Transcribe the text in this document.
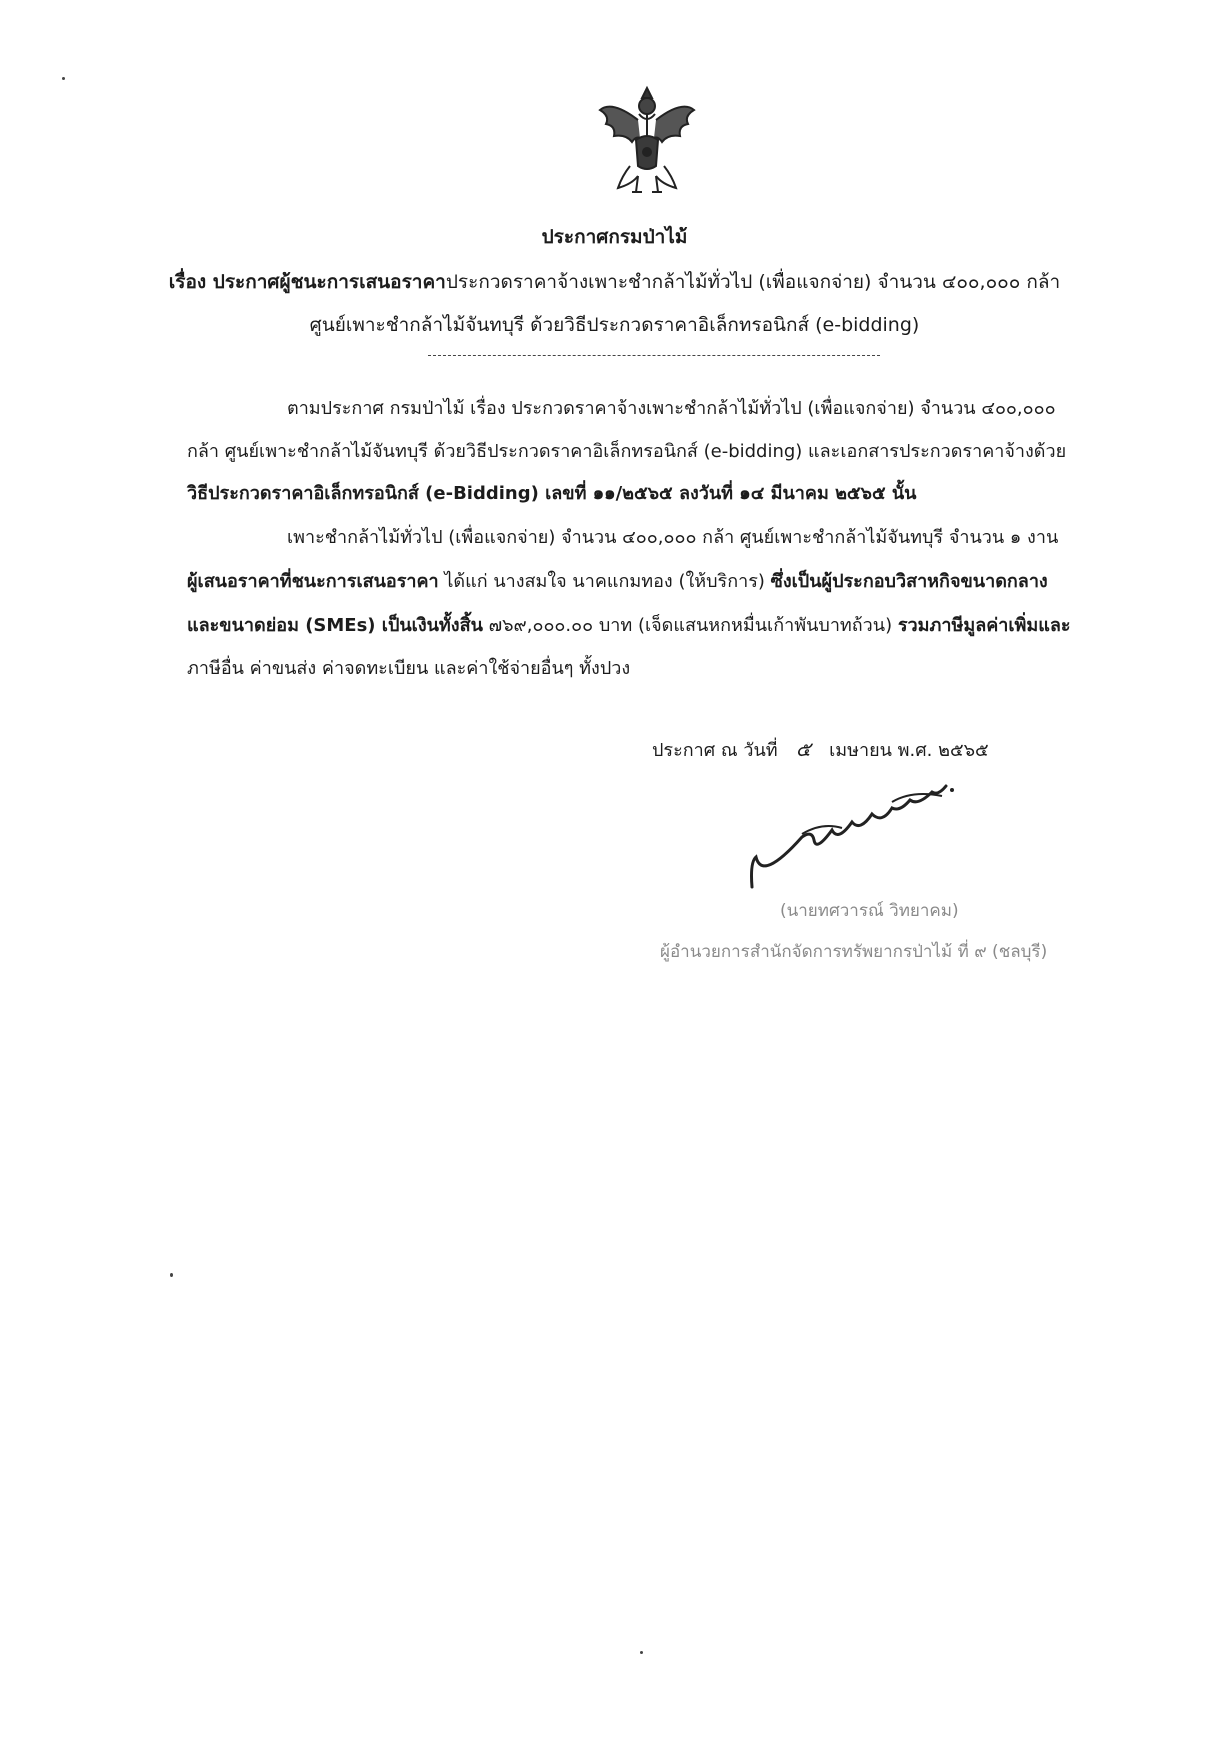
ประกาศกรมป่าไม้
เรื่อง ประกาศผู้ชนะการเสนอราคาประกวดราคาจ้างเพาะชำกล้าไม้ทั่วไป (เพื่อแจกจ่าย) จำนวน ๔๐๐,๐๐๐ กล้า
ศูนย์เพาะชำกล้าไม้จันทบุรี ด้วยวิธีประกวดราคาอิเล็กทรอนิกส์ (e-bidding)
ตามประกาศ กรมป่าไม้ เรื่อง ประกวดราคาจ้างเพาะชำกล้าไม้ทั่วไป (เพื่อแจกจ่าย) จำนวน ๔๐๐,๐๐๐
กล้า ศูนย์เพาะชำกล้าไม้จันทบุรี ด้วยวิธีประกวดราคาอิเล็กทรอนิกส์ (e-bidding) และเอกสารประกวดราคาจ้างด้วย
วิธีประกวดราคาอิเล็กทรอนิกส์ (e-Bidding) เลขที่ ๑๑/๒๕๖๕ ลงวันที่ ๑๔ มีนาคม ๒๕๖๕ นั้น
เพาะชำกล้าไม้ทั่วไป (เพื่อแจกจ่าย) จำนวน ๔๐๐,๐๐๐ กล้า ศูนย์เพาะชำกล้าไม้จันทบุรี จำนวน ๑ งาน
ผู้เสนอราคาที่ชนะการเสนอราคา ได้แก่ นางสมใจ นาคแกมทอง (ให้บริการ) ซึ่งเป็นผู้ประกอบวิสาหกิจขนาดกลาง
และขนาดย่อม (SMEs) เป็นเงินทั้งสิ้น ๗๖๙,๐๐๐.๐๐ บาท (เจ็ดแสนหกหมื่นเก้าพันบาทถ้วน) รวมภาษีมูลค่าเพิ่มและ
ภาษีอื่น ค่าขนส่ง ค่าจดทะเบียน และค่าใช้จ่ายอื่นๆ ทั้งปวง
ประกาศ ณ วันที่ ๕ เมษายน พ.ศ. ๒๕๖๕
(นายทศวารณ์ วิทยาคม)
ผู้อำนวยการสำนักจัดการทรัพยากรป่าไม้ ที่ ๙ (ชลบุรี)
